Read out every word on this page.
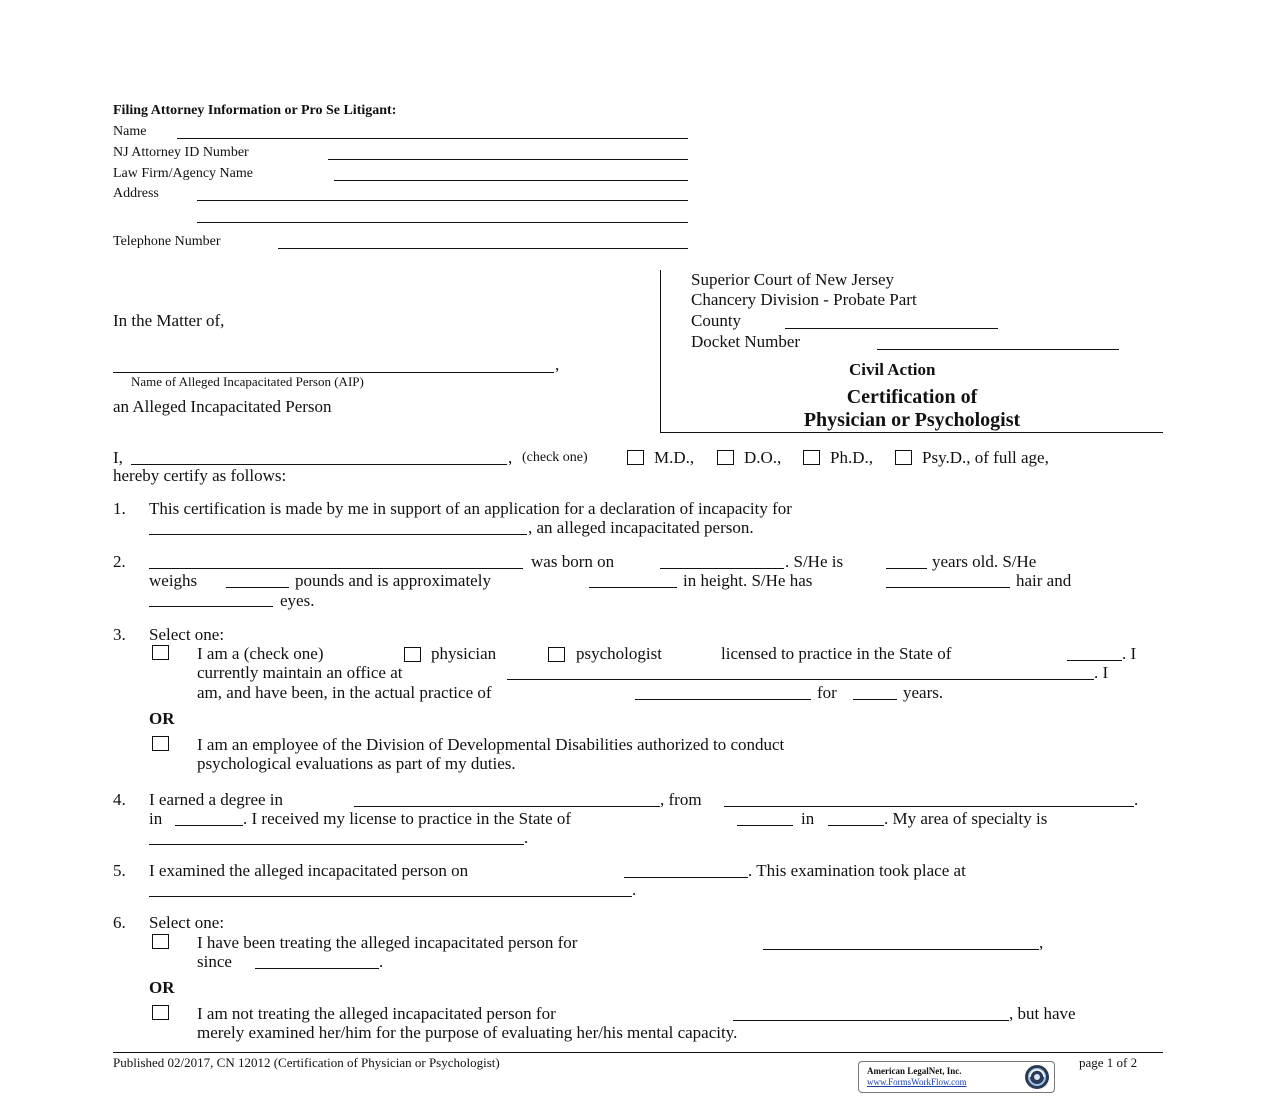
Filing Attorney Information or Pro Se Litigant:
Name
NJ Attorney ID Number
Law Firm/Agency Name
Address
Telephone Number
In the Matter of,
,
Name of Alleged Incapacitated Person (AIP)
an Alleged Incapacitated Person
Superior Court of New Jersey
Chancery Division - Probate Part
County
Docket Number
Civil Action
Certification of
Physician or Psychologist
I,	, (check one)	M.D.,	D.O.,	Ph.D.,	Psy.D., of full age,
hereby certify as follows:
1. This certification is made by me in support of an application for a declaration of incapacity for
, an alleged incapacitated person.
2.	was born on	. S/He is	years old. S/He
weighs	pounds and is approximately	in height. S/He has	hair and
eyes.
3. Select one:
I am a (check one)	physician	psychologist	licensed to practice in the State of	. I
currently maintain an office at	. I
am, and have been, in the actual practice of	for	years.
OR
I am an employee of the Division of Developmental Disabilities authorized to conduct
psychological evaluations as part of my duties.
4. I earned a degree in	, from	.
in	. I received my license to practice in the State of	in	. My area of specialty is
.
5. I examined the alleged incapacitated person on	. This examination took place at
.
6. Select one:
I have been treating the alleged incapacitated person for	,
since	.
OR
I am not treating the alleged incapacitated person for	, but have
merely examined her/him for the purpose of evaluating her/his mental capacity.
Published 02/2017, CN 12012 (Certification of Physician or Psychologist)	page 1 of 2
American LegalNet, Inc.
www.FormsWorkFlow.com
